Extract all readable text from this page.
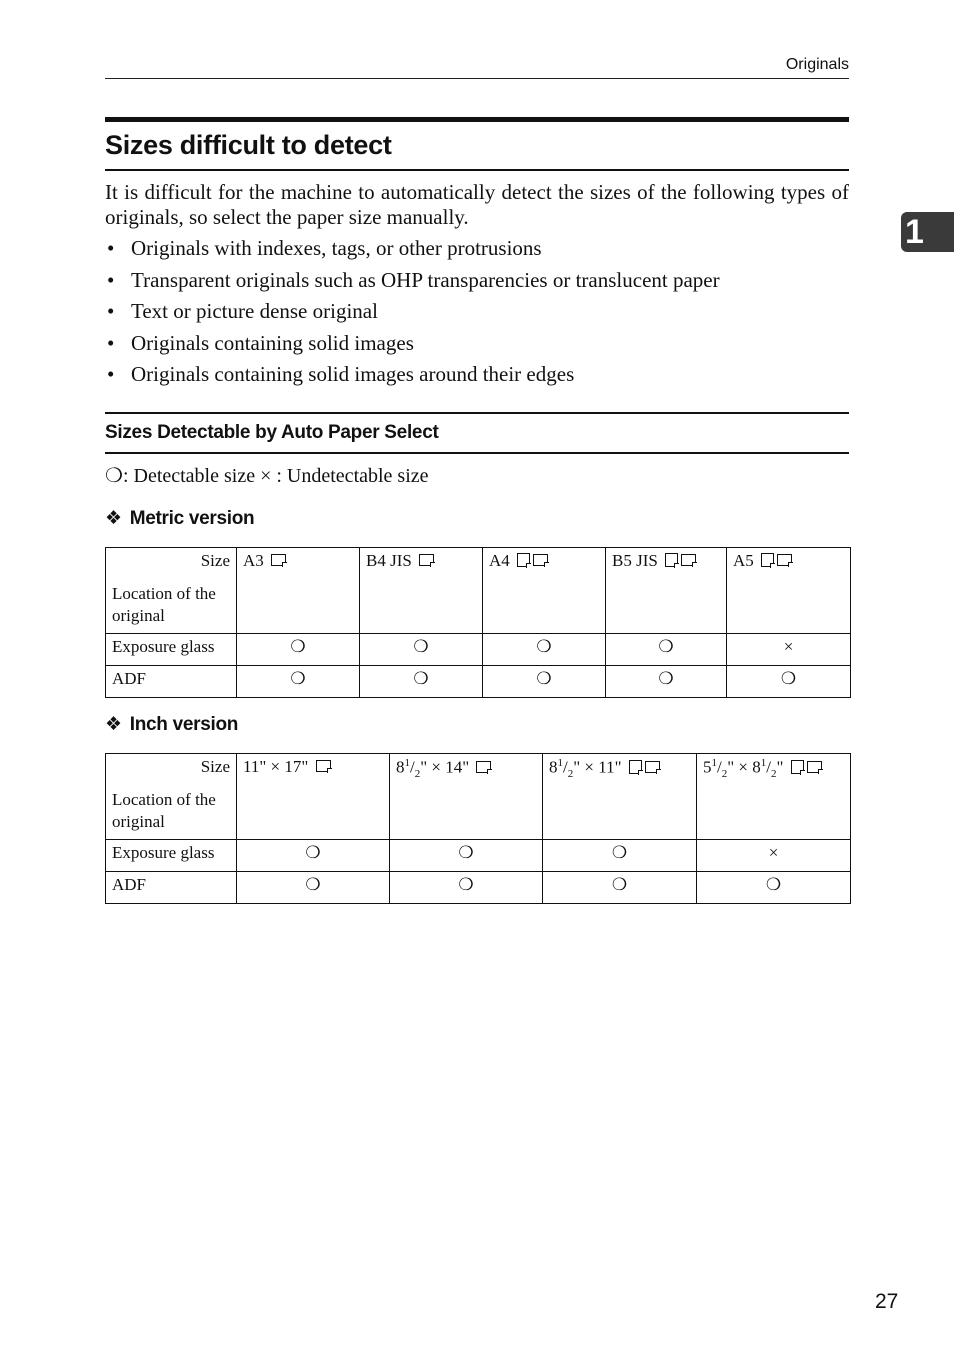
Originals
1
Sizes difficult to detect

It is difficult for the machine to automatically detect the sizes of the following types of originals, so select the paper size manually.

• Originals with indexes, tags, or other protrusions
• Transparent originals such as OHP transparencies or translucent paper
• Text or picture dense original
• Originals containing solid images
• Originals containing solid images around their edges
Sizes Detectable by Auto Paper Select
❍: Detectable size × : Undetectable size
❖ Metric version
Size
Location of the original	A3	B4 JIS	A4	B5 JIS	A5
Exposure glass	❍	❍	❍	❍	×
ADF	❍	❍	❍	❍	❍
❖ Inch version
Size
Location of the original	11" × 17"	$8^1/_2$" × 14"	$8^1/_2$" × 11"	$5^1/_2$" × $8^1/_2$"
Exposure glass	❍	❍	❍	×
ADF	❍	❍	❍	❍
27
